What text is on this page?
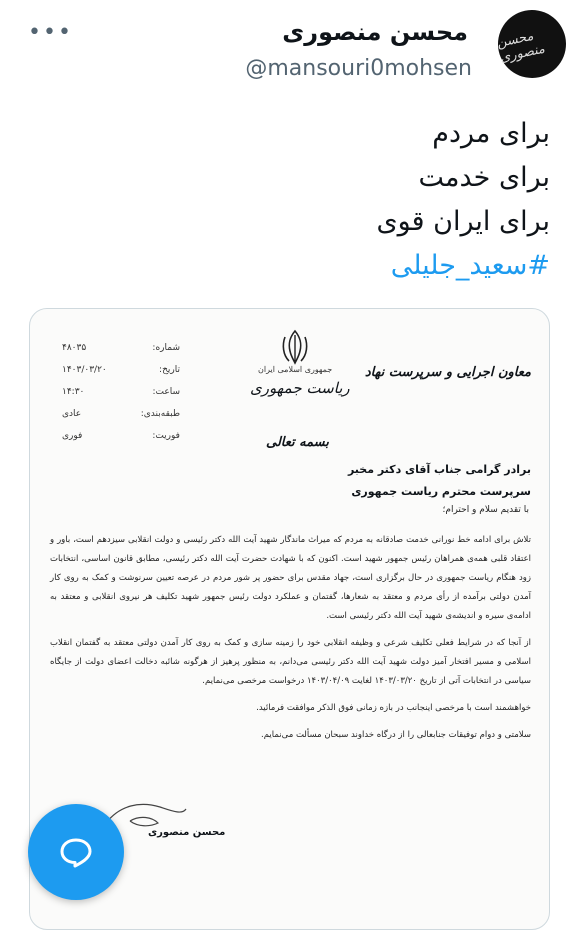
•••	محسن منصوری
@mansouri0mohsen
محسن منصوری
برای مردم
برای خدمت
برای ایران قوی
#سعید_جلیلی
جمهوری اسلامی ایران
ریاست جمهوری
معاون اجرایی و سرپرست نهاد
شماره:
۴۸۰۳۵
تاریخ:
۱۴۰۳/۰۳/۲۰
ساعت:
۱۴:۳۰
طبقه‌بندی:
عادی
فوریت:
فوری	بسمه تعالی
برادر گرامی جناب آقای دکتر مخبر
سرپرست محترم ریاست جمهوری
با تقدیم سلام و احترام؛

تلاش برای ادامه خط نورانی خدمت صادقانه به مردم که میراث ماندگار شهید آیت الله دکتر رئیسی و دولت انقلابی سیزدهم است، باور و اعتقاد قلبی همه‌ی همراهان رئیس جمهور شهید است. اکنون که با شهادت حضرت آیت الله دکتر رئیسی، مطابق قانون اساسی، انتخابات زود هنگام ریاست جمهوری در حال برگزاری است، جهاد مقدس برای حضور پر شور مردم در عرصه تعیین سرنوشت و کمک به روی کار آمدن دولتی برآمده از رأی مردم و معتقد به شعارها، گفتمان و عملکرد دولت رئیس جمهور شهید تکلیف هر نیروی انقلابی و معتقد به ادامه‌ی سیره و اندیشه‌ی شهید آیت الله دکتر رئیسی است.

از آنجا که در شرایط فعلی تکلیف شرعی و وظیفه انقلابی خود را زمینه سازی و کمک به روی کار آمدن دولتی معتقد به گفتمان انقلاب اسلامی و مسیر افتخار آمیز دولت شهید آیت الله دکتر رئیسی می‌دانم، به منظور پرهیز از هرگونه شائبه دخالت اعضای دولت از جایگاه سیاسی در انتخابات آتی از تاریخ ۱۴۰۳/۰۳/۲۰ لغایت ۱۴۰۳/۰۴/۰۹ درخواست مرخصی می‌نمایم.

خواهشمند است با مرخصی اینجانب در بازه زمانی فوق الذکر موافقت فرمائید.

سلامتی و دوام توفیقات جنابعالی را از درگاه خداوند سبحان مسألت می‌نمایم.

محسن منصوری
